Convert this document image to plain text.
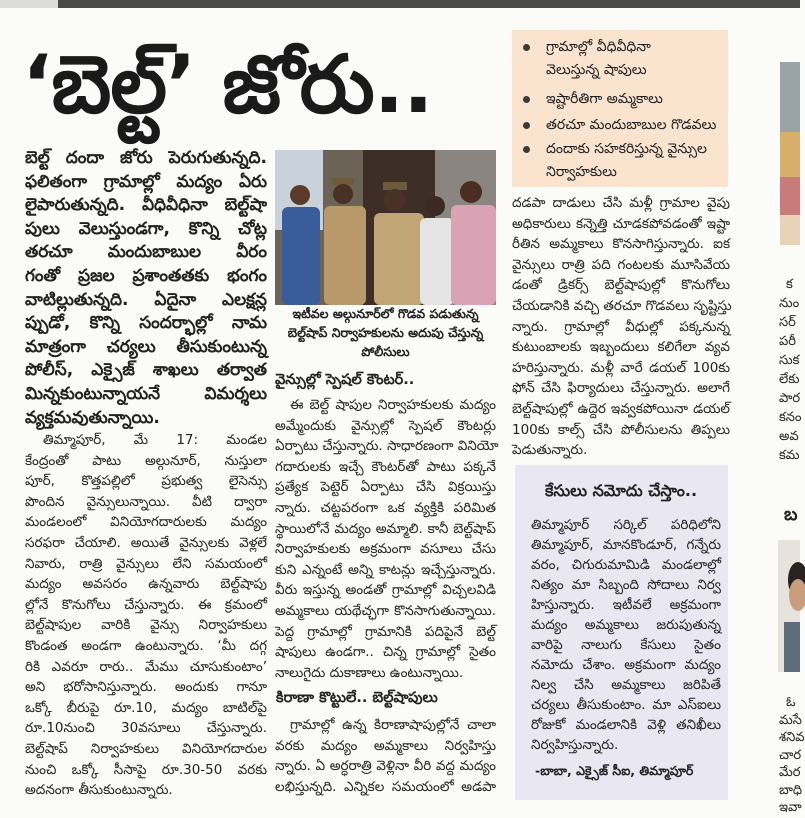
‘బెల్ట్’ జోరు..	గ్రామాల్లో వీధివీధినా
వెలుస్తున్న షాపులు
ఇష్టారీతిగా అమ్మకాలు
తరచూ మందుబాబుల గొడవలు
దందాకు సహకరిస్తున్న వైన్సుల
నిర్వాహకులు
బెల్ట్ దందా జోరు పెరుగుతున్నది.
ఫలితంగా గ్రామాల్లో మద్యం ఏరు
లైపారుతున్నది. వీధివీధినా బెల్ట్‌షా
పులు వెలుస్తుండగా, కొన్ని చోట్ల
తరచూ మందుబాబుల వీరం
గంతో ప్రజల ప్రశాంతతకు భంగం
వాటిల్లుతున్నది. ఏదైనా ఎలక్షన్ల
ప్పుడో, కొన్ని సందర్భాల్లో నామ
మాత్రంగా చర్యలు తీసుకుంటున్న
పోలీస్, ఎక్సైజ్ శాఖలు తర్వాత
మిన్నకుంటున్నాయనే విమర్శలు
వ్యక్తమవుతున్నాయి.
తిమ్మాపూర్, మే 17: మండల
కేంద్రంతో పాటు అల్గునూర్, నుస్తులా
పూర్, కొత్తపల్లిలో ప్రభుత్వ లైసెన్సు
పొందిన వైన్సులున్నాయి. వీటి ద్వారా
మండలంలో వినియోగదారులకు మద్యం
సరఫరా చేయాలి. అయితే వైన్సులకు వెళ్లలే
నివారు, రాత్రి వైన్సులు లేని సమయంలో
మద్యం అవసరం ఉన్నవారు బెల్ట్‌షాపు
ల్లోనే కొనుగోలు చేస్తున్నారు. ఈ క్రమంలో
బెల్ట్‌షాపుల వారికి వైన్సు నిర్వాహకులు
కొండంత అండగా ఉంటున్నారు. ‘మీ దగ్గ
రికి ఎవరూ రారు.. మేము చూసుకుంటాం’
అని భరోసానిస్తున్నారు. అందుకు గానూ
ఒక్కో బీరుపై రూ.10, మద్యం బాటిల్‌పై
రూ.10నుంచి 30వసూలు చేస్తున్నారు.
బెల్ట్‌షాప్ నిర్వాహకులు వినియోగదారుల
నుంచి ఒక్కో సీసాపై రూ.30-50 వరకు
అదనంగా తీసుకుంటున్నారు.
ఇటీవల అల్గునూర్‌లో గొడవ పడుతున్న
బెల్ట్‌షాప్ నిర్వాహకులను అదుపు చేస్తున్న
పోలీసులు
వైన్సుల్లో స్పెషల్ కౌంటర్..
ఈ బెల్ట్ షాపుల నిర్వాహకులకు మద్యం
అమ్మేందుకు వైన్సుల్లో స్పెషల్ కౌంటర్లు
ఏర్పాటు చేస్తున్నారు. సాధారణంగా వినియో
గదారులకు ఇచ్చే కౌంటర్‌తో పాటు పక్కనే
ప్రత్యేక పెట్టెర్ ఏర్పాటు చేసి విక్రయిస్తు
న్నారు. చట్టపరంగా ఒక వ్యక్తికి పరిమిత
స్థాయిలోనే మద్యం అమ్మాలి. కానీ బెల్ట్‌షాప్
నిర్వాహకులకు అక్రమంగా వసూలు చేసు
కుని ఎన్నంటే అన్ని కాటన్లు ఇచ్చేస్తున్నారు.
వీరు ఇస్తున్న అండతో గ్రామాల్లో విచ్చలవిడి
అమ్మకాలు యథేచ్ఛగా కొనసాగుతున్నాయి.
పెద్ద గ్రామాల్లో గ్రామానికి పదిపైనే బెల్ట్
షాపులు ఉండగా.. చిన్న గ్రామాల్లో సైతం
నాలుగైదు దుకాణాలు ఉంటున్నాయి.
కిరాణా కొట్టులే.. బెల్ట్‌షాపులు
గ్రామాల్లో ఉన్న కిరాణాషాపుల్లోనే చాలా
వరకు మద్యం అమ్మకాలు నిర్వహిస్తు
న్నారు. ఏ అర్ధరాత్రి వెళ్లినా వీరి వద్ద మద్యం
లభిస్తున్నది. ఎన్నికల సమయంలో అడపా
దడపా దాడులు చేసి మళ్లీ గ్రామాల వైపు
అధికారులు కన్నెత్తి చూడకపోవడంతో ఇష్టా
రీతిన అమ్మకాలు కొనసాగిస్తున్నారు. ఐక
వైన్సులు రాత్రి పది గంటలకు మూసివేయ
డంతో డ్రికర్స్ బెల్ట్‌షాపుల్లో కొనుగోలు
చేయడానికి వచ్చి తరచూ గొడవలు సృష్టిస్తు
న్నారు. గ్రామాల్లో వీధుల్లో పక్కనున్న
కుటుంబాలకు ఇబ్బందులు కలిగేలా వ్యవ
హరిస్తున్నారు. మళ్లీ వారే డయల్ 100కు
ఫోన్ చేసి ఫిర్యాదులు చేస్తున్నారు. అలాగే
బెల్ట్‌షాపుల్లో ఉద్దెర ఇవ్వకపోయినా డయల్
100కు కాల్స్ చేసి పోలీసులను తిప్పలు
పెడుతున్నారు.
కేసులు నమోదు చేస్తాం..
తిమ్మాపూర్ సర్కిల్ పరిధిలోని
తిమ్మాపూర్, మానకొండూర్, గన్నేరు
వరం, చిగురుమామిడి మండలాల్లో
నిత్యం మా సిబ్బంది సోదాలు నిర్వ
హిస్తున్నారు. ఇటీవలే అక్రమంగా
మద్యం అమ్మకాలు జరుపుతున్న
వారిపై నాలుగు కేసులు సైతం
నమోదు చేశాం. అక్రమంగా మద్యం
నిల్వ చేసి అమ్మకాలు జరిపితే
చర్యలు తీసుకుంటాం. మా ఎస్‌ఐలు
రోజుకో మండలానికి వెళ్లి తనిఖీలు
నిర్వహిస్తున్నారు.
-బాబా, ఎక్సైజ్ సీఐ, తిమ్మాపూర్
క
నుం
సర్
పరీ
సుక
లేకు
పార
కనం
అవ
కమ
బ
ఓ
మసే
శనివ
చార
మేర
బాధి
ఇవా
